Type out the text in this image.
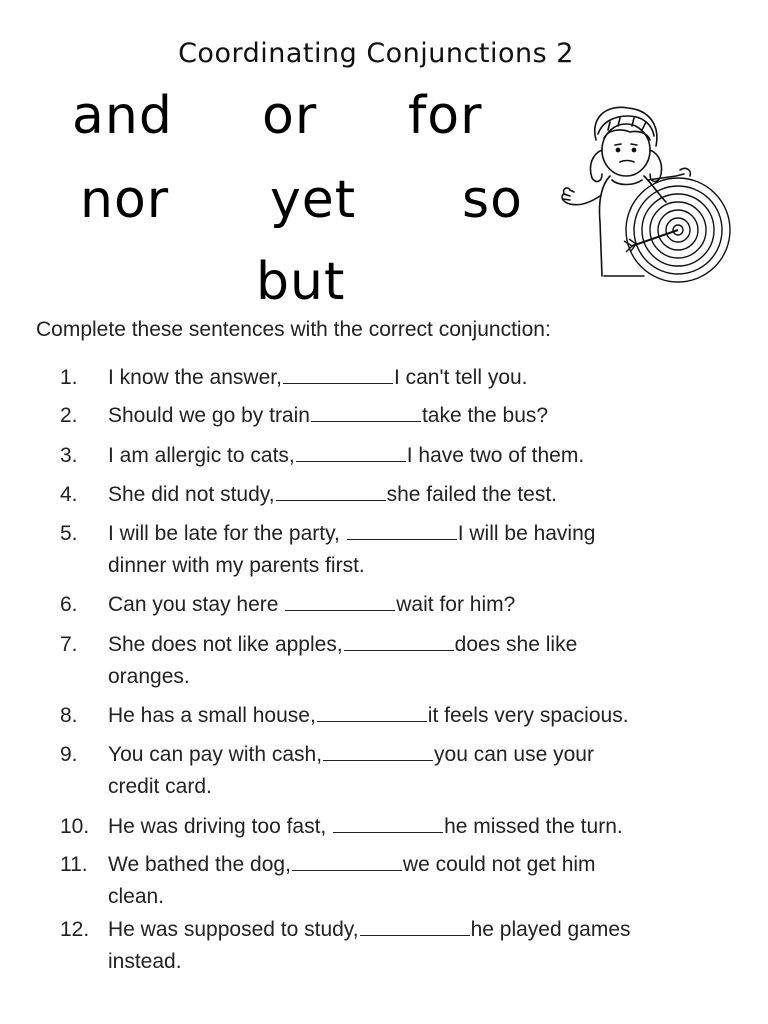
Coordinating Conjunctions 2
and or for
nor yet so
but
Complete these sentences with the correct conjunction:
1.	I know the answer,	I can't tell you.
2.	Should we go by train	take the bus?
3.	I am allergic to cats,	I have two of them.
4.	She did not study,	she failed the test.
5.	I will be late for the party,	I will be having
dinner with my parents first.
6.	Can you stay here	wait for him?
7.	She does not like apples,	does she like
oranges.
8.	He has a small house,	it feels very spacious.
9.	You can pay with cash,	you can use your
credit card.
10. He was driving too fast,	he missed the turn.
11. We bathed the dog,	we could not get him
clean.
12. He was supposed to study,	he played games
instead.
